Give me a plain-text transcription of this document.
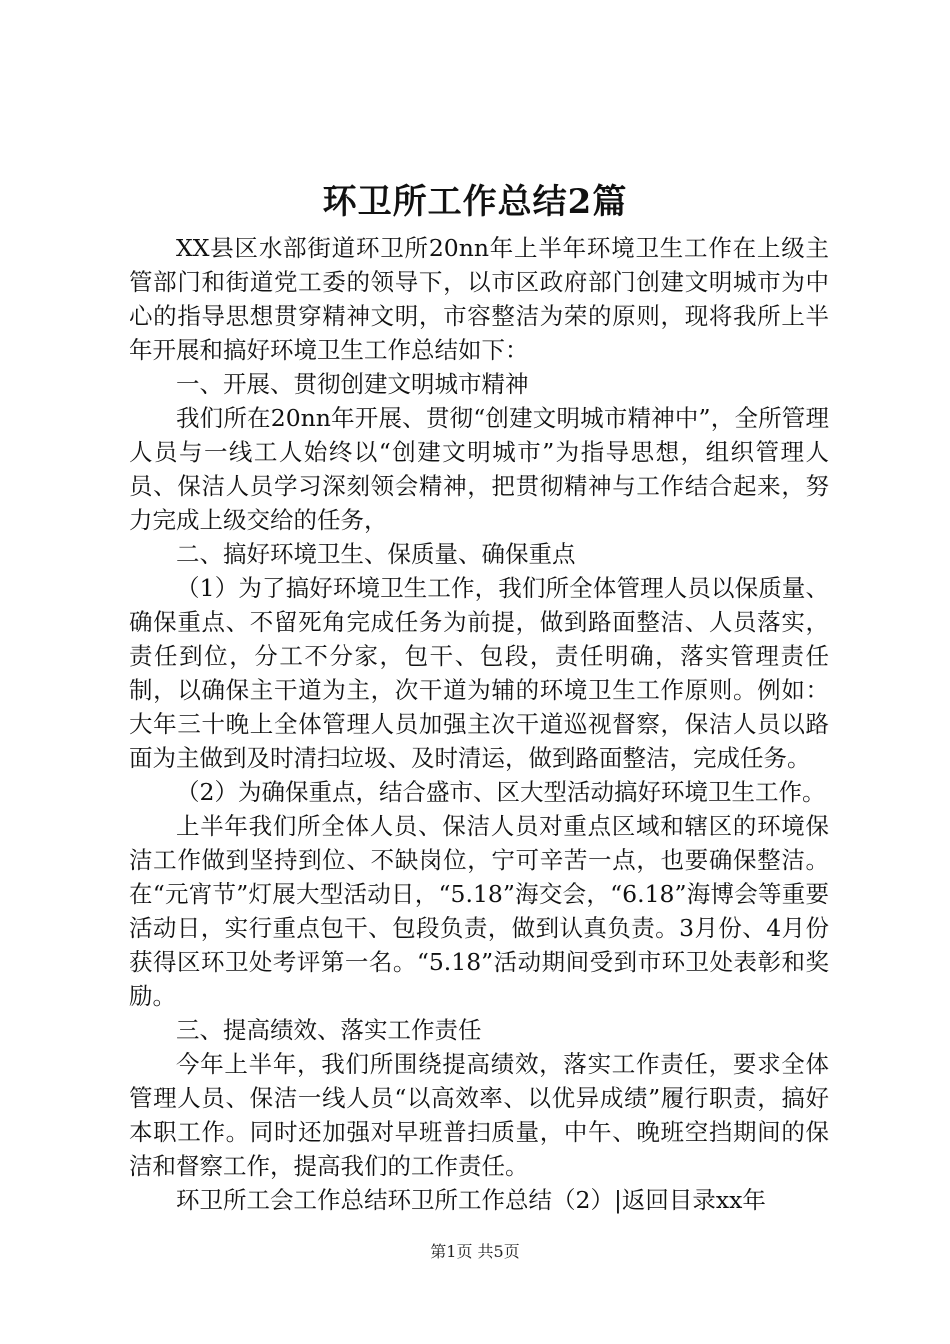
环卫所工作总结2篇

XX县区水部街道环卫所20nn年上半年环境卫生工作在上级主管部门和街道党工委的领导下，以市区政府部门创建文明城市为中心的指导思想贯穿精神文明，市容整洁为荣的原则，现将我所上半年开展和搞好环境卫生工作总结如下：

一、开展、贯彻创建文明城市精神

我们所在20nn年开展、贯彻“创建文明城市精神中”，全所管理人员与一线工人始终以“创建文明城市”为指导思想，组织管理人员、保洁人员学习深刻领会精神，把贯彻精神与工作结合起来，努力完成上级交给的任务，

二、搞好环境卫生、保质量、确保重点

（1）为了搞好环境卫生工作，我们所全体管理人员以保质量、确保重点、不留死角完成任务为前提，做到路面整洁、人员落实，责任到位，分工不分家，包干、包段，责任明确，落实管理责任制，以确保主干道为主，次干道为辅的环境卫生工作原则。例如：大年三十晚上全体管理人员加强主次干道巡视督察，保洁人员以路面为主做到及时清扫垃圾、及时清运，做到路面整洁，完成任务。

（2）为确保重点，结合盛市、区大型活动搞好环境卫生工作。

上半年我们所全体人员、保洁人员对重点区域和辖区的环境保洁工作做到坚持到位、不缺岗位，宁可辛苦一点，也要确保整洁。在“元宵节”灯展大型活动日，“5.18”海交会，“6.18”海博会等重要活动日，实行重点包干、包段负责，做到认真负责。3月份、4月份获得区环卫处考评第一名。“5.18”活动期间受到市环卫处表彰和奖励。

三、提高绩效、落实工作责任

今年上半年，我们所围绕提高绩效，落实工作责任，要求全体管理人员、保洁一线人员“以高效率、以优异成绩”履行职责，搞好本职工作。同时还加强对早班普扫质量，中午、晚班空挡期间的保洁和督察工作，提高我们的工作责任。

环卫所工会工作总结环卫所工作总结（2）|返回目录xx年

第1页 共5页
